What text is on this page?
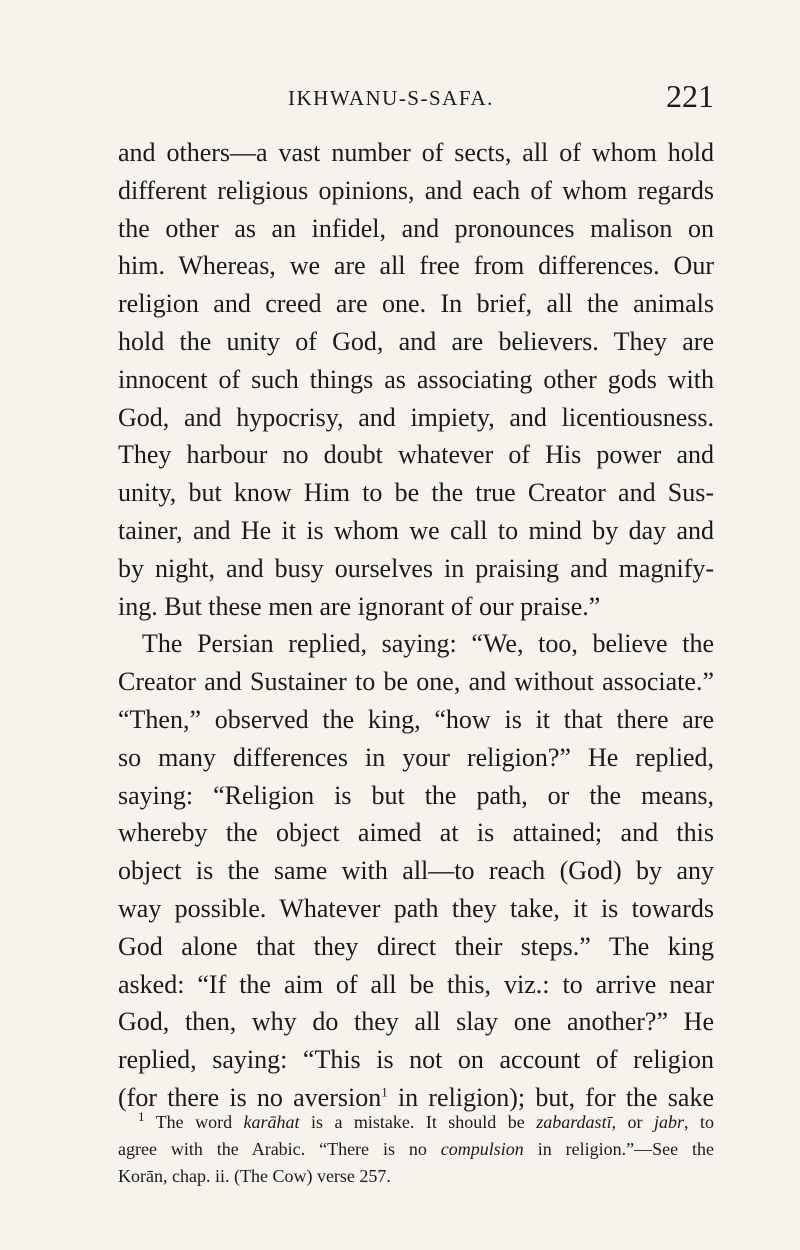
IKHWANU-S-SAFA.	221
and others—a vast number of sects, all of whom hold
different religious opinions, and each of whom regards
the other as an infidel, and pronounces malison on
him. Whereas, we are all free from differences. Our
religion and creed are one. In brief, all the animals
hold the unity of God, and are believers. They are
innocent of such things as associating other gods with
God, and hypocrisy, and impiety, and licentiousness.
They harbour no doubt whatever of His power and
unity, but know Him to be the true Creator and Sus-
tainer, and He it is whom we call to mind by day and
by night, and busy ourselves in praising and magnify-
ing. But these men are ignorant of our praise.”
The Persian replied, saying: “We, too, believe the
Creator and Sustainer to be one, and without associate.”
“Then,” observed the king, “how is it that there are
so many differences in your religion?” He replied,
saying: “Religion is but the path, or the means,
whereby the object aimed at is attained; and this
object is the same with all—to reach (God) by any
way possible. Whatever path they take, it is towards
God alone that they direct their steps.” The king
asked: “If the aim of all be this, viz.: to arrive near
God, then, why do they all slay one another?” He
replied, saying: “This is not on account of religion
(for there is no aversion$^1$ in religion); but, for the sake
$^1$ The word karāhat is a mistake. It should be zabardastī, or jabr, to
agree with the Arabic. “There is no compulsion in religion.”—See the
Korān, chap. ii. (The Cow) verse 257.
